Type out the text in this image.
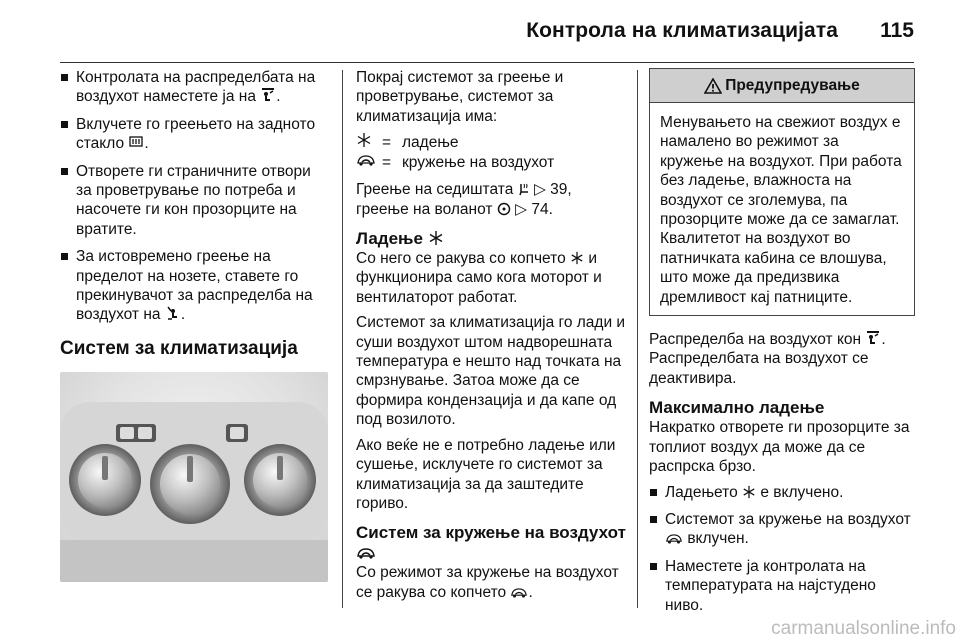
Контрола на климатизацијата 115
Контролата на распределбата на воздухот наместете ја на .
Вклучете го греењето на задното стакло .
Отворете ги страничните отвори за проветрување по потреба и насочете ги кон прозорците на вратите.
За истовремено греење на пределот на нозете, ставете го прекинувачот за распределба на воздухот на .
Систем за климатизација

Покрај системот за греење и проветрување, системот за климатизација има:

= ладење
= кружење на воздухот

Греење на седиштата ▷ 39,
греење на воланот ▷ 74.

Ладење

Со него се ракува со копчето и функционира само кога моторот и вентилаторот работат.

Системот за климатизација го лади и суши воздухот штом надворешната температура е нешто над точката на смрзнување. Затоа може да се формира кондензација и да капе од под возилото.

Ако веќе не е потребно ладење или сушење, исклучете го системот за климатизација за да заштедите гориво.

Систем за кружење на воздухот

Со режимот за кружење на воздухот се ракува со копчето .

Предупредување
Менувањето на свежиот воздух е намалено во режимот за кружење на воздухот. При работа без ладење, влажноста на воздухот се зголемува, па прозорците може да се замаглат. Квалитетот на воздухот во патничката кабина се влошува, што може да предизвика дремливост кај патниците.

Распределба на воздухот кон . Распределбата на воздухот се деактивира.

Максимално ладење

Накратко отворете ги прозорците за топлиот воздух да може да се распрска брзо.

Ладењето е вклучено.
Системот за кружење на воздухот  вклучен.
Наместете ја контролата на температурата на најстудено ниво.
carmanualsonline.info
